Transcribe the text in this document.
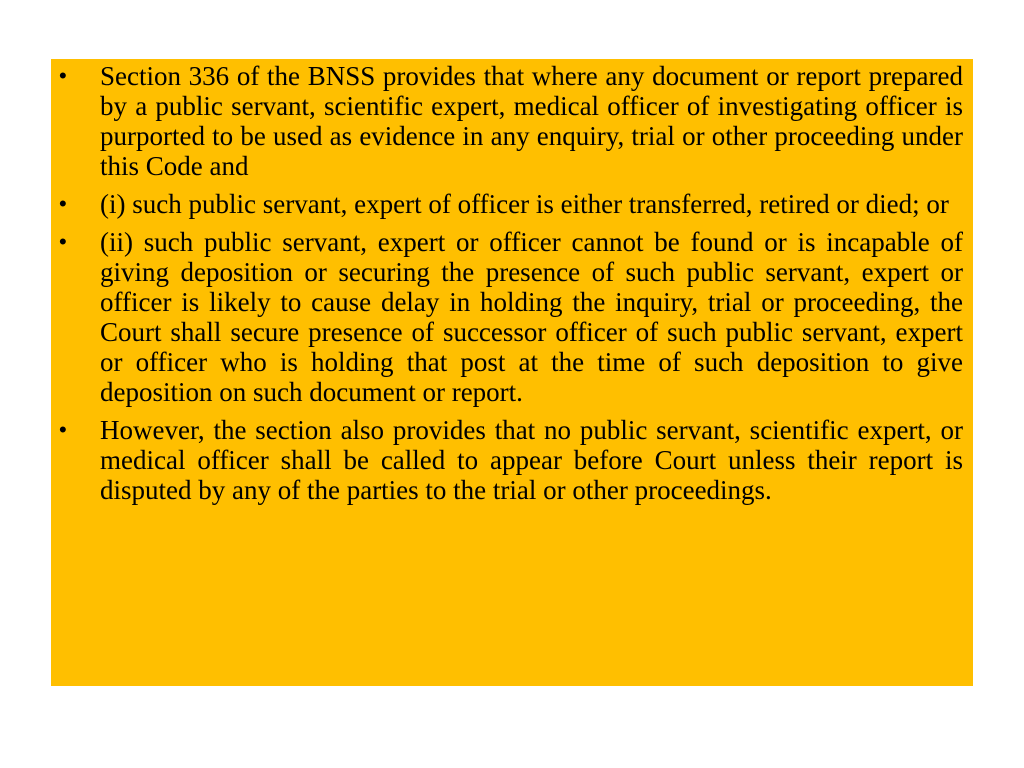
• Section 336 of the BNSS provides that where any document or report prepared by a public servant, scientific expert, medical officer of investigating officer is purported to be used as evidence in any enquiry, trial or other proceeding under this Code and
• (i) such public servant, expert of officer is either transferred, retired or died; or
• (ii) such public servant, expert or officer cannot be found or is incapable of giving deposition or securing the presence of such public servant, expert or officer is likely to cause delay in holding the inquiry, trial or proceeding, the Court shall secure presence of successor officer of such public servant, expert or officer who is holding that post at the time of such deposition to give deposition on such document or report.
• However, the section also provides that no public servant, scientific expert, or medical officer shall be called to appear before Court unless their report is disputed by any of the parties to the trial or other proceedings.
